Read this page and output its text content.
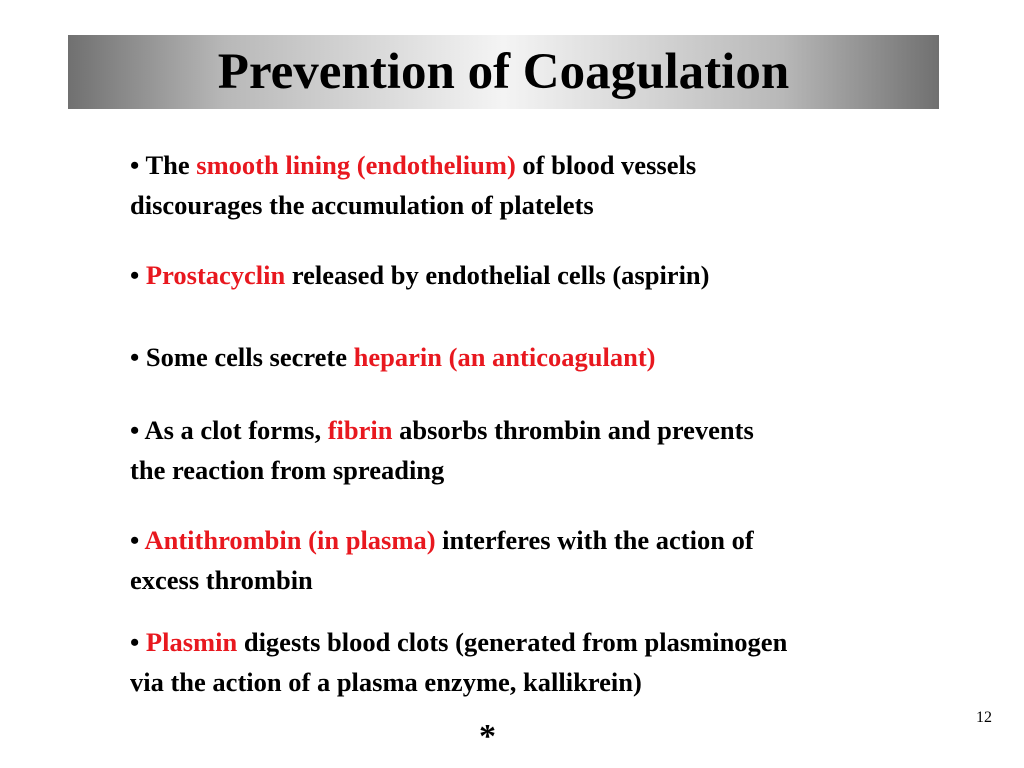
Prevention of Coagulation
• The smooth lining (endothelium) of blood vessels
discourages the accumulation of platelets
• Prostacyclin released by endothelial cells (aspirin)
• Some cells secrete heparin (an anticoagulant)
• As a clot forms, fibrin absorbs thrombin and prevents
the reaction from spreading
• Antithrombin (in plasma) interferes with the action of
excess thrombin
• Plasmin digests blood clots (generated from plasminogen
via the action of a plasma enzyme, kallikrein)
12
*
